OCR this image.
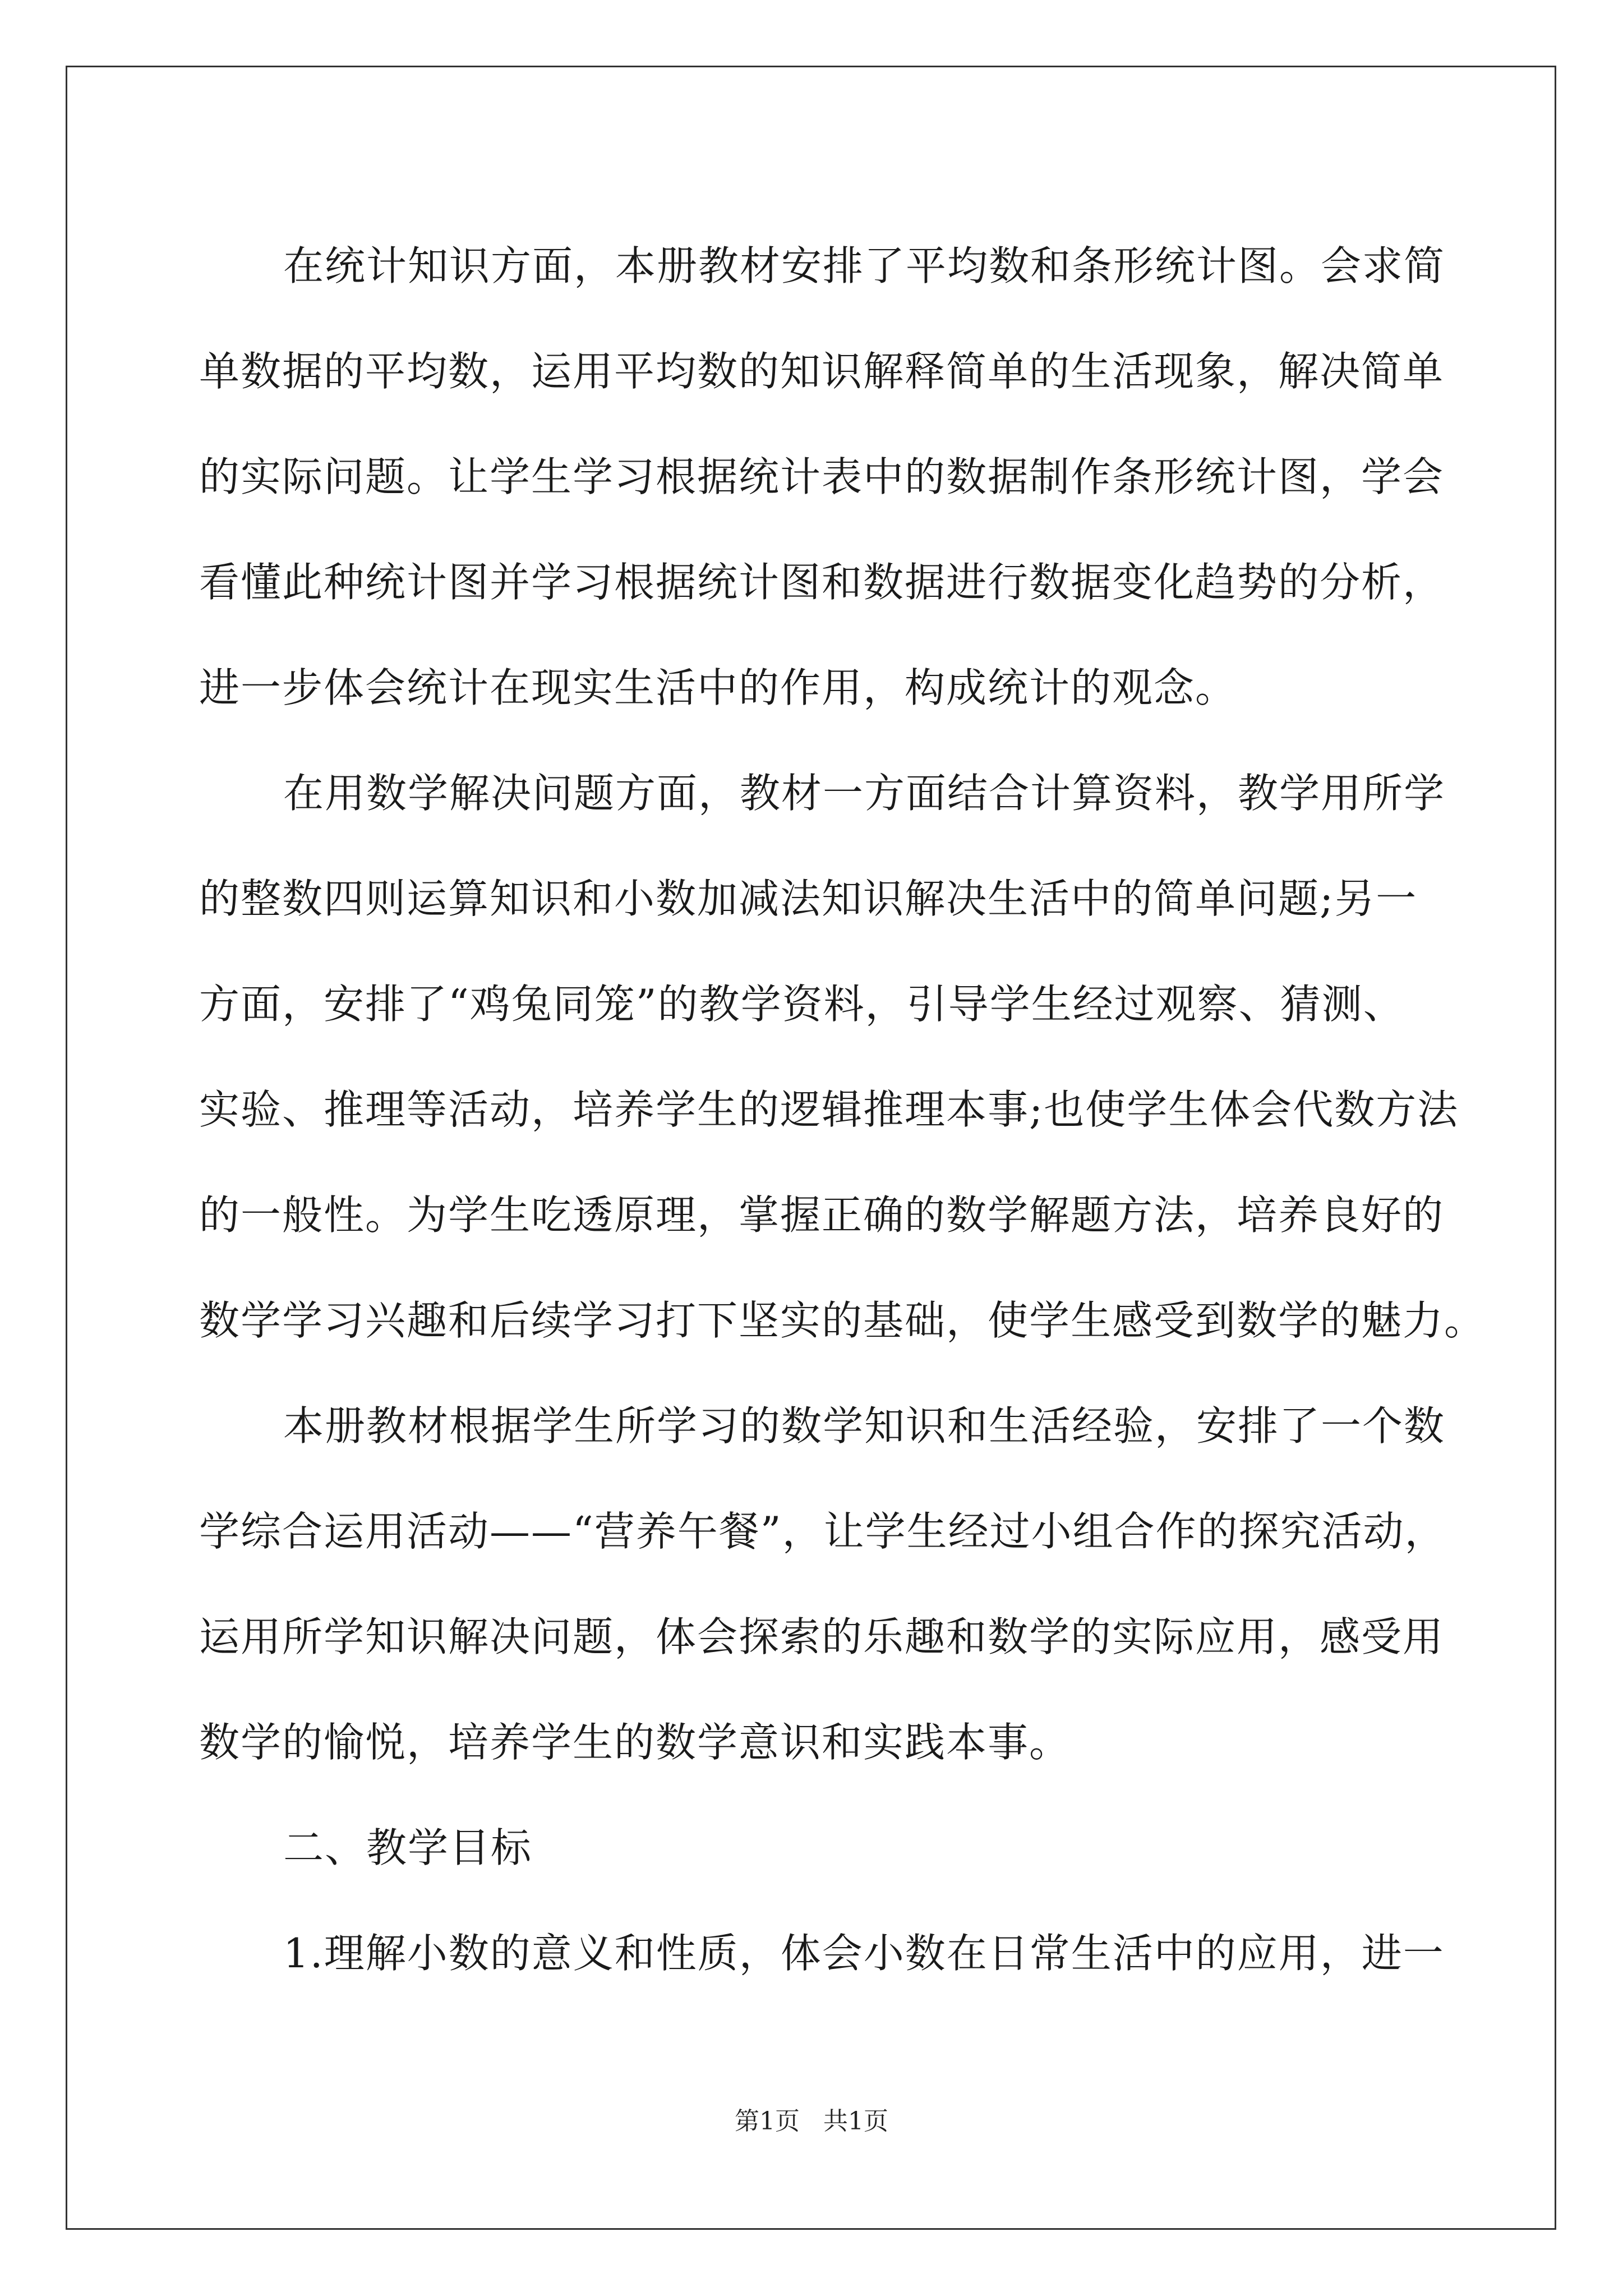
在统计知识方面，本册教材安排了平均数和条形统计图。会求简
单数据的平均数，运用平均数的知识解释简单的生活现象，解决简单
的实际问题。让学生学习根据统计表中的数据制作条形统计图，学会
看懂此种统计图并学习根据统计图和数据进行数据变化趋势的分析，
进一步体会统计在现实生活中的作用，构成统计的观念。
在用数学解决问题方面，教材一方面结合计算资料，教学用所学
的整数四则运算知识和小数加减法知识解决生活中的简单问题;另一
方面，安排了“鸡兔同笼”的教学资料，引导学生经过观察、猜测、
实验、推理等活动，培养学生的逻辑推理本事;也使学生体会代数方法
的一般性。为学生吃透原理，掌握正确的数学解题方法，培养良好的
数学学习兴趣和后续学习打下坚实的基础，使学生感受到数学的魅力。
本册教材根据学生所学习的数学知识和生活经验，安排了一个数
学综合运用活动——“营养午餐”，让学生经过小组合作的探究活动，
运用所学知识解决问题，体会探索的乐趣和数学的实际应用，感受用
数学的愉悦，培养学生的数学意识和实践本事。
二、教学目标
1.理解小数的意义和性质，体会小数在日常生活中的应用，进一
第1页 共1页
